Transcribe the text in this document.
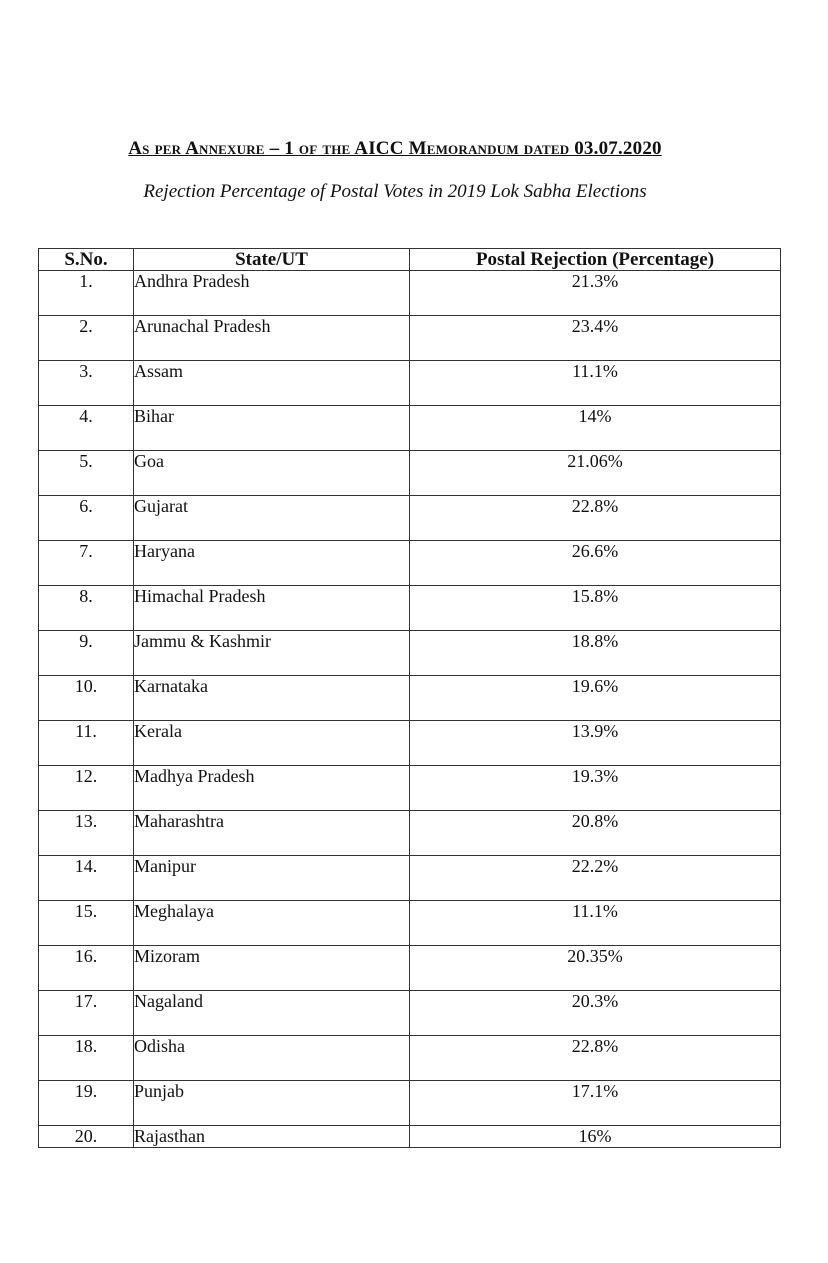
As per Annexure – 1 of the AICC Memorandum dated 03.07.2020
Rejection Percentage of Postal Votes in 2019 Lok Sabha Elections
S.No.	State/UT	Postal Rejection (Percentage)
1.	Andhra Pradesh	21.3%
2.	Arunachal Pradesh	23.4%
3.	Assam	11.1%
4.	Bihar	14%
5.	Goa	21.06%
6.	Gujarat	22.8%
7.	Haryana	26.6%
8.	Himachal Pradesh	15.8%
9.	Jammu & Kashmir	18.8%
10.	Karnataka	19.6%
11.	Kerala	13.9%
12.	Madhya Pradesh	19.3%
13.	Maharashtra	20.8%
14.	Manipur	22.2%
15.	Meghalaya	11.1%
16.	Mizoram	20.35%
17.	Nagaland	20.3%
18.	Odisha	22.8%
19.	Punjab	17.1%
20.	Rajasthan	16%
